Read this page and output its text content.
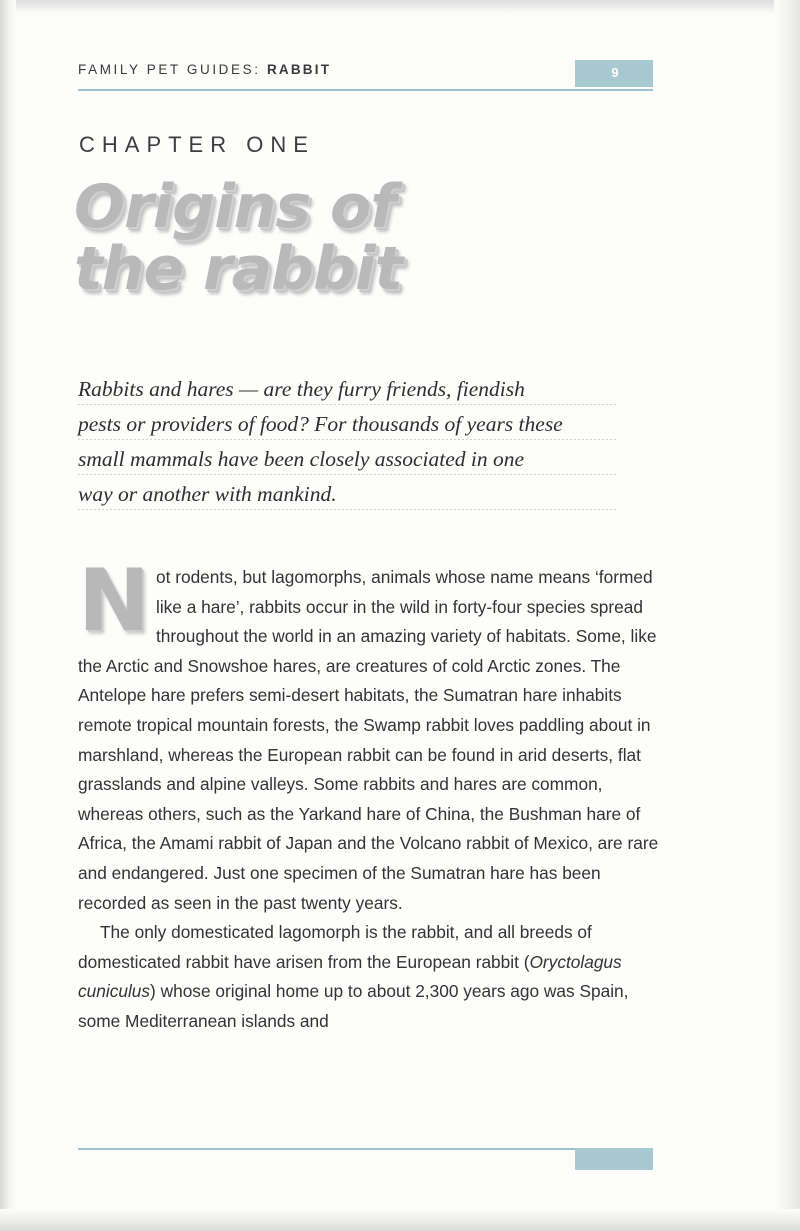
FAMILY PET GUIDES: RABBIT	9
CHAPTER ONE
Origins of
the rabbit
Rabbits and hares — are they furry friends, fiendish
pests or providers of food? For thousands of years these
small mammals have been closely associated in one
way or another with mankind.

Not rodents, but lagomorphs, animals whose name means ‘formed like a hare’, rabbits occur in the wild in forty-four species spread throughout the world in an amazing variety of habitats. Some, like the Arctic and Snowshoe hares, are creatures of cold Arctic zones. The Antelope hare prefers semi-desert habitats, the Sumatran hare inhabits remote tropical mountain forests, the Swamp rabbit loves paddling about in marshland, whereas the European rabbit can be found in arid deserts, flat grasslands and alpine valleys. Some rabbits and hares are common, whereas others, such as the Yarkand hare of China, the Bushman hare of Africa, the Amami rabbit of Japan and the Volcano rabbit of Mexico, are rare and endangered. Just one specimen of the Sumatran hare has been recorded as seen in the past twenty years.

The only domesticated lagomorph is the rabbit, and all breeds of domesticated rabbit have arisen from the European rabbit (Oryctolagus cuniculus) whose original home up to about 2,300 years ago was Spain, some Mediterranean islands and
